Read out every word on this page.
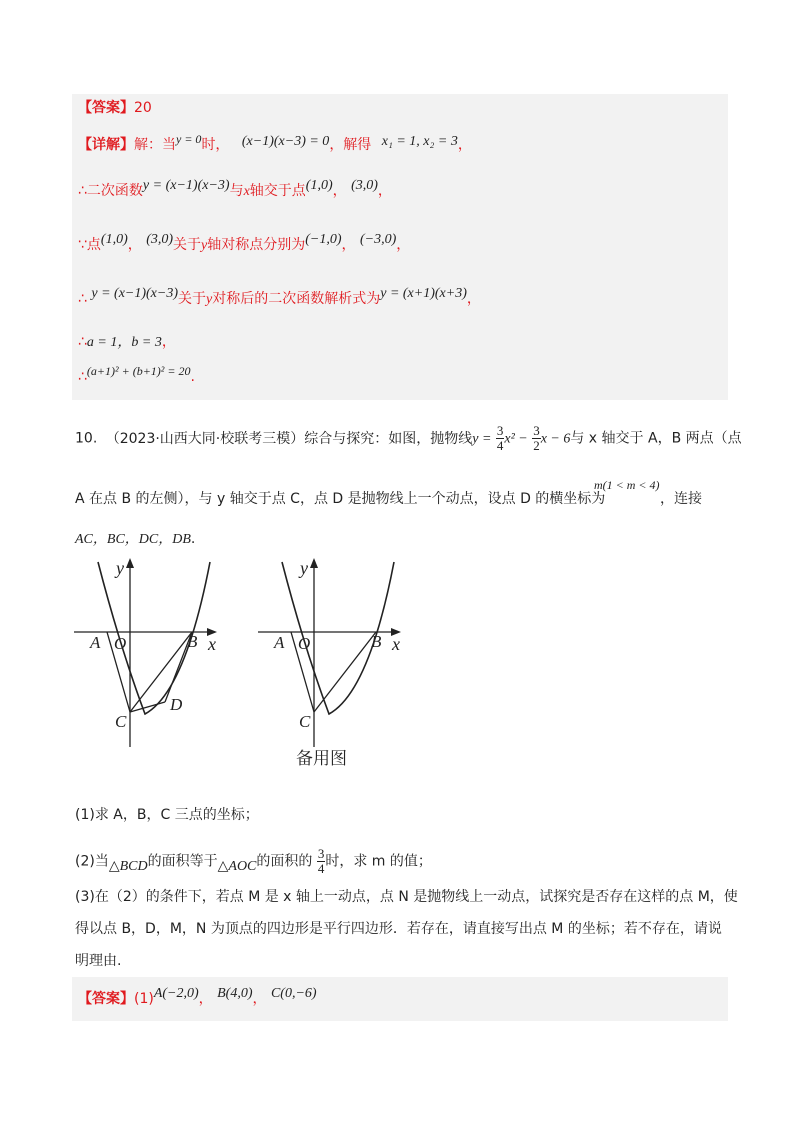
【答案】20
【详解】解：当y = 0时， (x−1)(x−3) = 0，解得 x₁ = 1, x₂ = 3，
∴二次函数y = (x−1)(x−3)与x轴交于点(1,0)， (3,0)，
∵点(1,0)， (3,0)关于y轴对称点分别为(−1,0)， (−3,0)，
∴ y = (x−1)(x−3)关于y对称后的二次函数解析式为y = (x+1)(x+3)，
∴a = 1，b = 3，
∴(a+1)² + (b+1)² = 20.
10. （2023·山西大同·校联考三模）综合与探究：如图，抛物线$y = \frac{3}{4} x^2 - \frac{3}{2}$ x − 6与 x 轴交于 A，B 两点（点
A 在点 B 的左侧），与 y 轴交于点 C，点 D 是抛物线上一个动点，设点 D 的横坐标为
m(1 < m < 4)
，连接
AC，BC，DC，DB.
y
x
A O	B
C
D
y
x
A O	B
C
备用图
(1)求 A，B，C 三点的坐标；
(2)当△BCD的面积等于△AOC的面积的 $\frac{3}{4}$ 时，求 m 的值；
(3)在（2）的条件下，若点 M 是 x 轴上一动点，点 N 是抛物线上一动点，试探究是否存在这样的点 M，使
得以点 B，D，M，N 为顶点的四边形是平行四边形．若存在，请直接写出点 M 的坐标；若不存在，请说
明理由.
【答案】(1)A(−2,0)， B(4,0)， C(0,−6)
